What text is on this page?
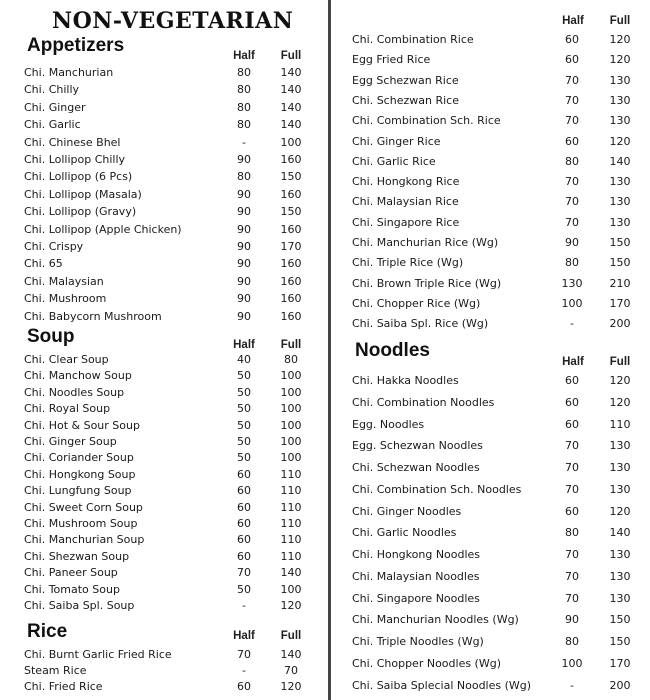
NON-VEGETARIAN
Appetizers	Half	Full
Soup	Half	Full
Rice	Half	Full
Chi. Manchurian	80	140
Chi. Chilly	80	140
Chi. Ginger	80	140
Chi. Garlic	80	140
Chi. Chinese Bhel	-	100
Chi. Lollipop Chilly	90	160
Chi. Lollipop (6 Pcs)	80	150
Chi. Lollipop (Masala)	90	160
Chi. Lollipop (Gravy)	90	150
Chi. Lollipop (Apple Chicken)	90	160
Chi. Crispy	90	170
Chi. 65	90	160
Chi. Malaysian	90	160
Chi. Mushroom	90	160
Chi. Babycorn Mushroom	90	160
Chi. Clear Soup	40	80
Chi. Manchow Soup	50	100
Chi. Noodles Soup	50	100
Chi. Royal Soup	50	100
Chi. Hot & Sour Soup	50	100
Chi. Ginger Soup	50	100
Chi. Coriander Soup	50	100
Chi. Hongkong Soup	60	110
Chi. Lungfung Soup	60	110
Chi. Sweet Corn Soup	60	110
Chi. Mushroom Soup	60	110
Chi. Manchurian Soup	60	110
Chi. Shezwan Soup	60	110
Chi. Paneer Soup	70	140
Chi. Tomato Soup	50	100
Chi. Saiba Spl. Soup	-	120
Chi. Burnt Garlic Fried Rice	70	140
Steam Rice	-	70
Chi. Fried Rice	60	120
Half	Full
Noodles
Half	Full
Chi. Combination Rice	60	120
Egg Fried Rice	60	120
Egg Schezwan Rice	70	130
Chi. Schezwan Rice	70	130
Chi. Combination Sch. Rice	70	130
Chi. Ginger Rice	60	120
Chi. Garlic Rice	80	140
Chi. Hongkong Rice	70	130
Chi. Malaysian Rice	70	130
Chi. Singapore Rice	70	130
Chi. Manchurian Rice (Wg)	90	150
Chi. Triple Rice (Wg)	80	150
Chi. Brown Triple Rice (Wg)	130	210
Chi. Chopper Rice (Wg)	100	170
Chi. Saiba Spl. Rice (Wg)	-	200
Chi. Hakka Noodles	60	120
Chi. Combination Noodles	60	120
Egg. Noodles	60	110
Egg. Schezwan Noodles	70	130
Chi. Schezwan Noodles	70	130
Chi. Combination Sch. Noodles	70	130
Chi. Ginger Noodles	60	120
Chi. Garlic Noodles	80	140
Chi. Hongkong Noodles	70	130
Chi. Malaysian Noodles	70	130
Chi. Singapore Noodles	70	130
Chi. Manchurian Noodles (Wg)	90	150
Chi. Triple Noodles (Wg)	80	150
Chi. Chopper Noodles (Wg)	100	170
Chi. Saiba Splecial Noodles (Wg)	-	200
